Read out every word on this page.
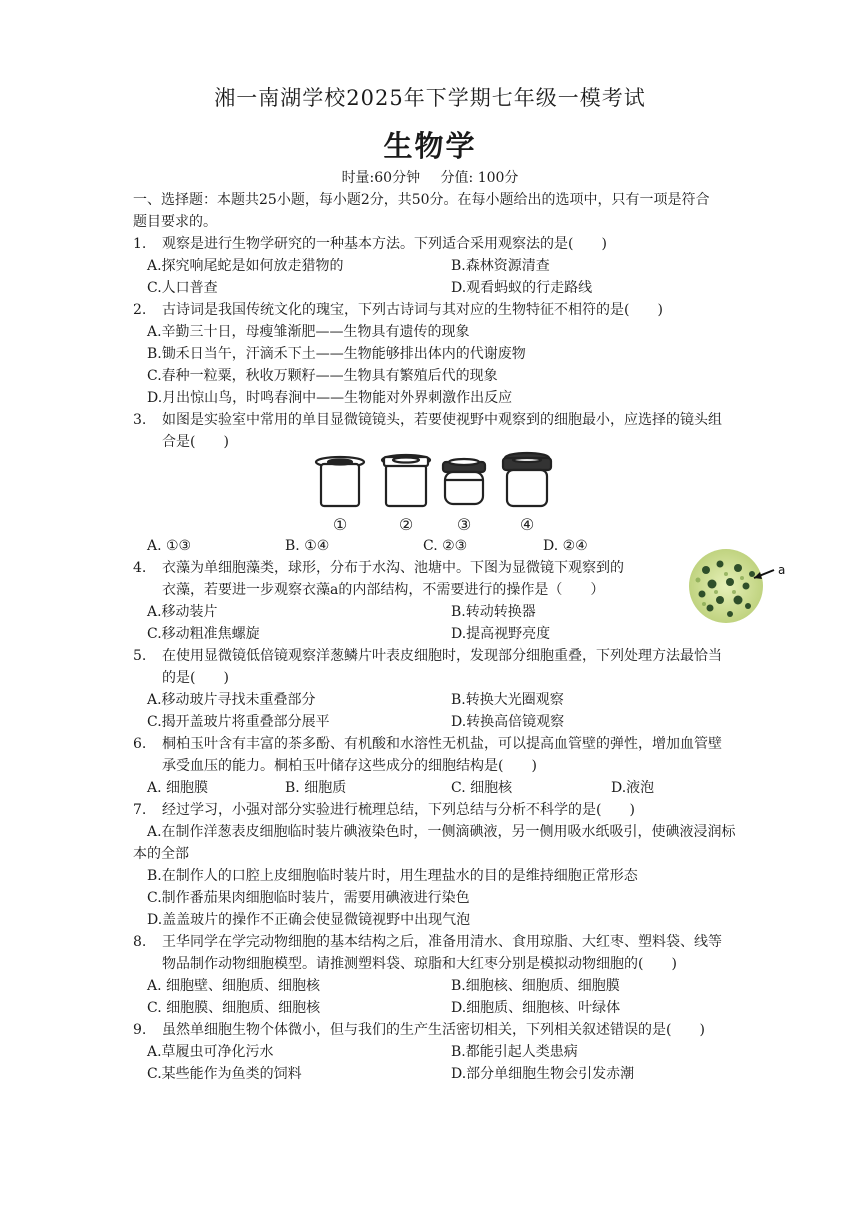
湘一南湖学校2025年下学期七年级一模考试
生物学
时量:60分钟 分值: 100分
一、选择题：本题共25小题，每小题2分，共50分。在每小题给出的选项中，只有一项是符合
题目要求的。
1. 观察是进行生物学研究的一种基本方法。下列适合采用观察法的是(　　)
A.探究响尾蛇是如何放走猎物的	B.森林资源清查
C.人口普查	D.观看蚂蚁的行走路线
2. 古诗词是我国传统文化的瑰宝，下列古诗词与其对应的生物特征不相符的是(　　)
A.辛勤三十日，母瘦雏渐肥——生物具有遗传的现象
B.锄禾日当午，汗滴禾下土——生物能够排出体内的代谢废物
C.春种一粒粟，秋收万颗籽——生物具有繁殖后代的现象
D.月出惊山鸟，时鸣春涧中——生物能对外界刺激作出反应
3. 如图是实验室中常用的单目显微镜镜头，若要使视野中观察到的细胞最小，应选择的镜头组
合是(　　)
①	②	③	④
A. ①③	B. ①④	C. ②③	D. ②④
4. 衣藻为单细胞藻类，球形，分布于水沟、池塘中。下图为显微镜下观察到的
衣藻，若要进一步观察衣藻a的内部结构，不需要进行的操作是（　　）
a
A.移动装片	B.转动转换器
C.移动粗准焦螺旋	D.提高视野亮度
5. 在使用显微镜低倍镜观察洋葱鳞片叶表皮细胞时，发现部分细胞重叠，下列处理方法最恰当
的是(　　)
A.移动玻片寻找未重叠部分	B.转换大光圈观察
C.揭开盖玻片将重叠部分展平	D.转换高倍镜观察
6. 桐柏玉叶含有丰富的茶多酚、有机酸和水溶性无机盐，可以提高血管壁的弹性，增加血管壁
承受血压的能力。桐柏玉叶储存这些成分的细胞结构是(　　)
A. 细胞膜	B. 细胞质	C. 细胞核	D.液泡
7. 经过学习，小强对部分实验进行梳理总结，下列总结与分析不科学的是(　　)
A.在制作洋葱表皮细胞临时装片碘液染色时，一侧滴碘液，另一侧用吸水纸吸引，使碘液浸润标
本的全部
B.在制作人的口腔上皮细胞临时装片时，用生理盐水的目的是维持细胞正常形态
C.制作番茄果肉细胞临时装片，需要用碘液进行染色
D.盖盖玻片的操作不正确会使显微镜视野中出现气泡
8. 王华同学在学完动物细胞的基本结构之后，准备用清水、食用琼脂、大红枣、塑料袋、线等
物品制作动物细胞模型。请推测塑料袋、琼脂和大红枣分别是模拟动物细胞的(　　)
A. 细胞壁、细胞质、细胞核	B.细胞核、细胞质、细胞膜
C. 细胞膜、细胞质、细胞核	D.细胞质、细胞核、叶绿体
9. 虽然单细胞生物个体微小，但与我们的生产生活密切相关，下列相关叙述错误的是(　　)
A.草履虫可净化污水	B.都能引起人类患病
C.某些能作为鱼类的饲料	D.部分单细胞生物会引发赤潮
